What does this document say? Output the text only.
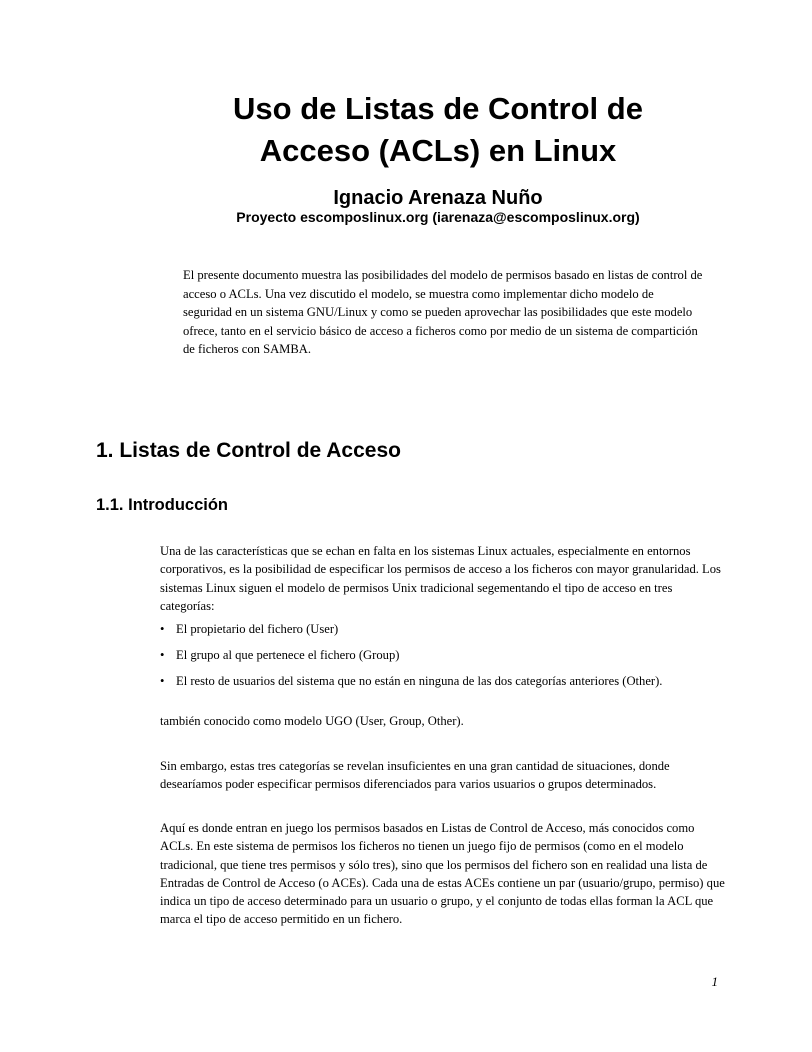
Uso de Listas de Control de
Acceso (ACLs) en Linux

Ignacio Arenaza Nuño

Proyecto escomposlinux.org (iarenaza@escomposlinux.org)

El presente documento muestra las posibilidades del modelo de permisos basado en listas de control de acceso o ACLs. Una vez discutido el modelo, se muestra como implementar dicho modelo de seguridad en un sistema GNU/Linux y como se pueden aprovechar las posibilidades que este modelo ofrece, tanto en el servicio básico de acceso a ficheros como por medio de un sistema de compartición de ficheros con SAMBA.

1. Listas de Control de Acceso
1.1. Introducción

Una de las características que se echan en falta en los sistemas Linux actuales, especialmente en entornos corporativos, es la posibilidad de especificar los permisos de acceso a los ficheros con mayor granularidad. Los sistemas Linux siguen el modelo de permisos Unix tradicional segementando el tipo de acceso en tres categorías:

• El propietario del fichero (User)
• El grupo al que pertenece el fichero (Group)
• El resto de usuarios del sistema que no están en ninguna de las dos categorías anteriores (Other).

también conocido como modelo UGO (User, Group, Other).

Sin embargo, estas tres categorías se revelan insuficientes en una gran cantidad de situaciones, donde desearíamos poder especificar permisos diferenciados para varios usuarios o grupos determinados.

Aquí es donde entran en juego los permisos basados en Listas de Control de Acceso, más conocidos como ACLs. En este sistema de permisos los ficheros no tienen un juego fijo de permisos (como en el modelo tradicional, que tiene tres permisos y sólo tres), sino que los permisos del fichero son en realidad una lista de Entradas de Control de Acceso (o ACEs). Cada una de estas ACEs contiene un par (usuario/grupo, permiso) que indica un tipo de acceso determinado para un usuario o grupo, y el conjunto de todas ellas forman la ACL que marca el tipo de acceso permitido en un fichero.

1
